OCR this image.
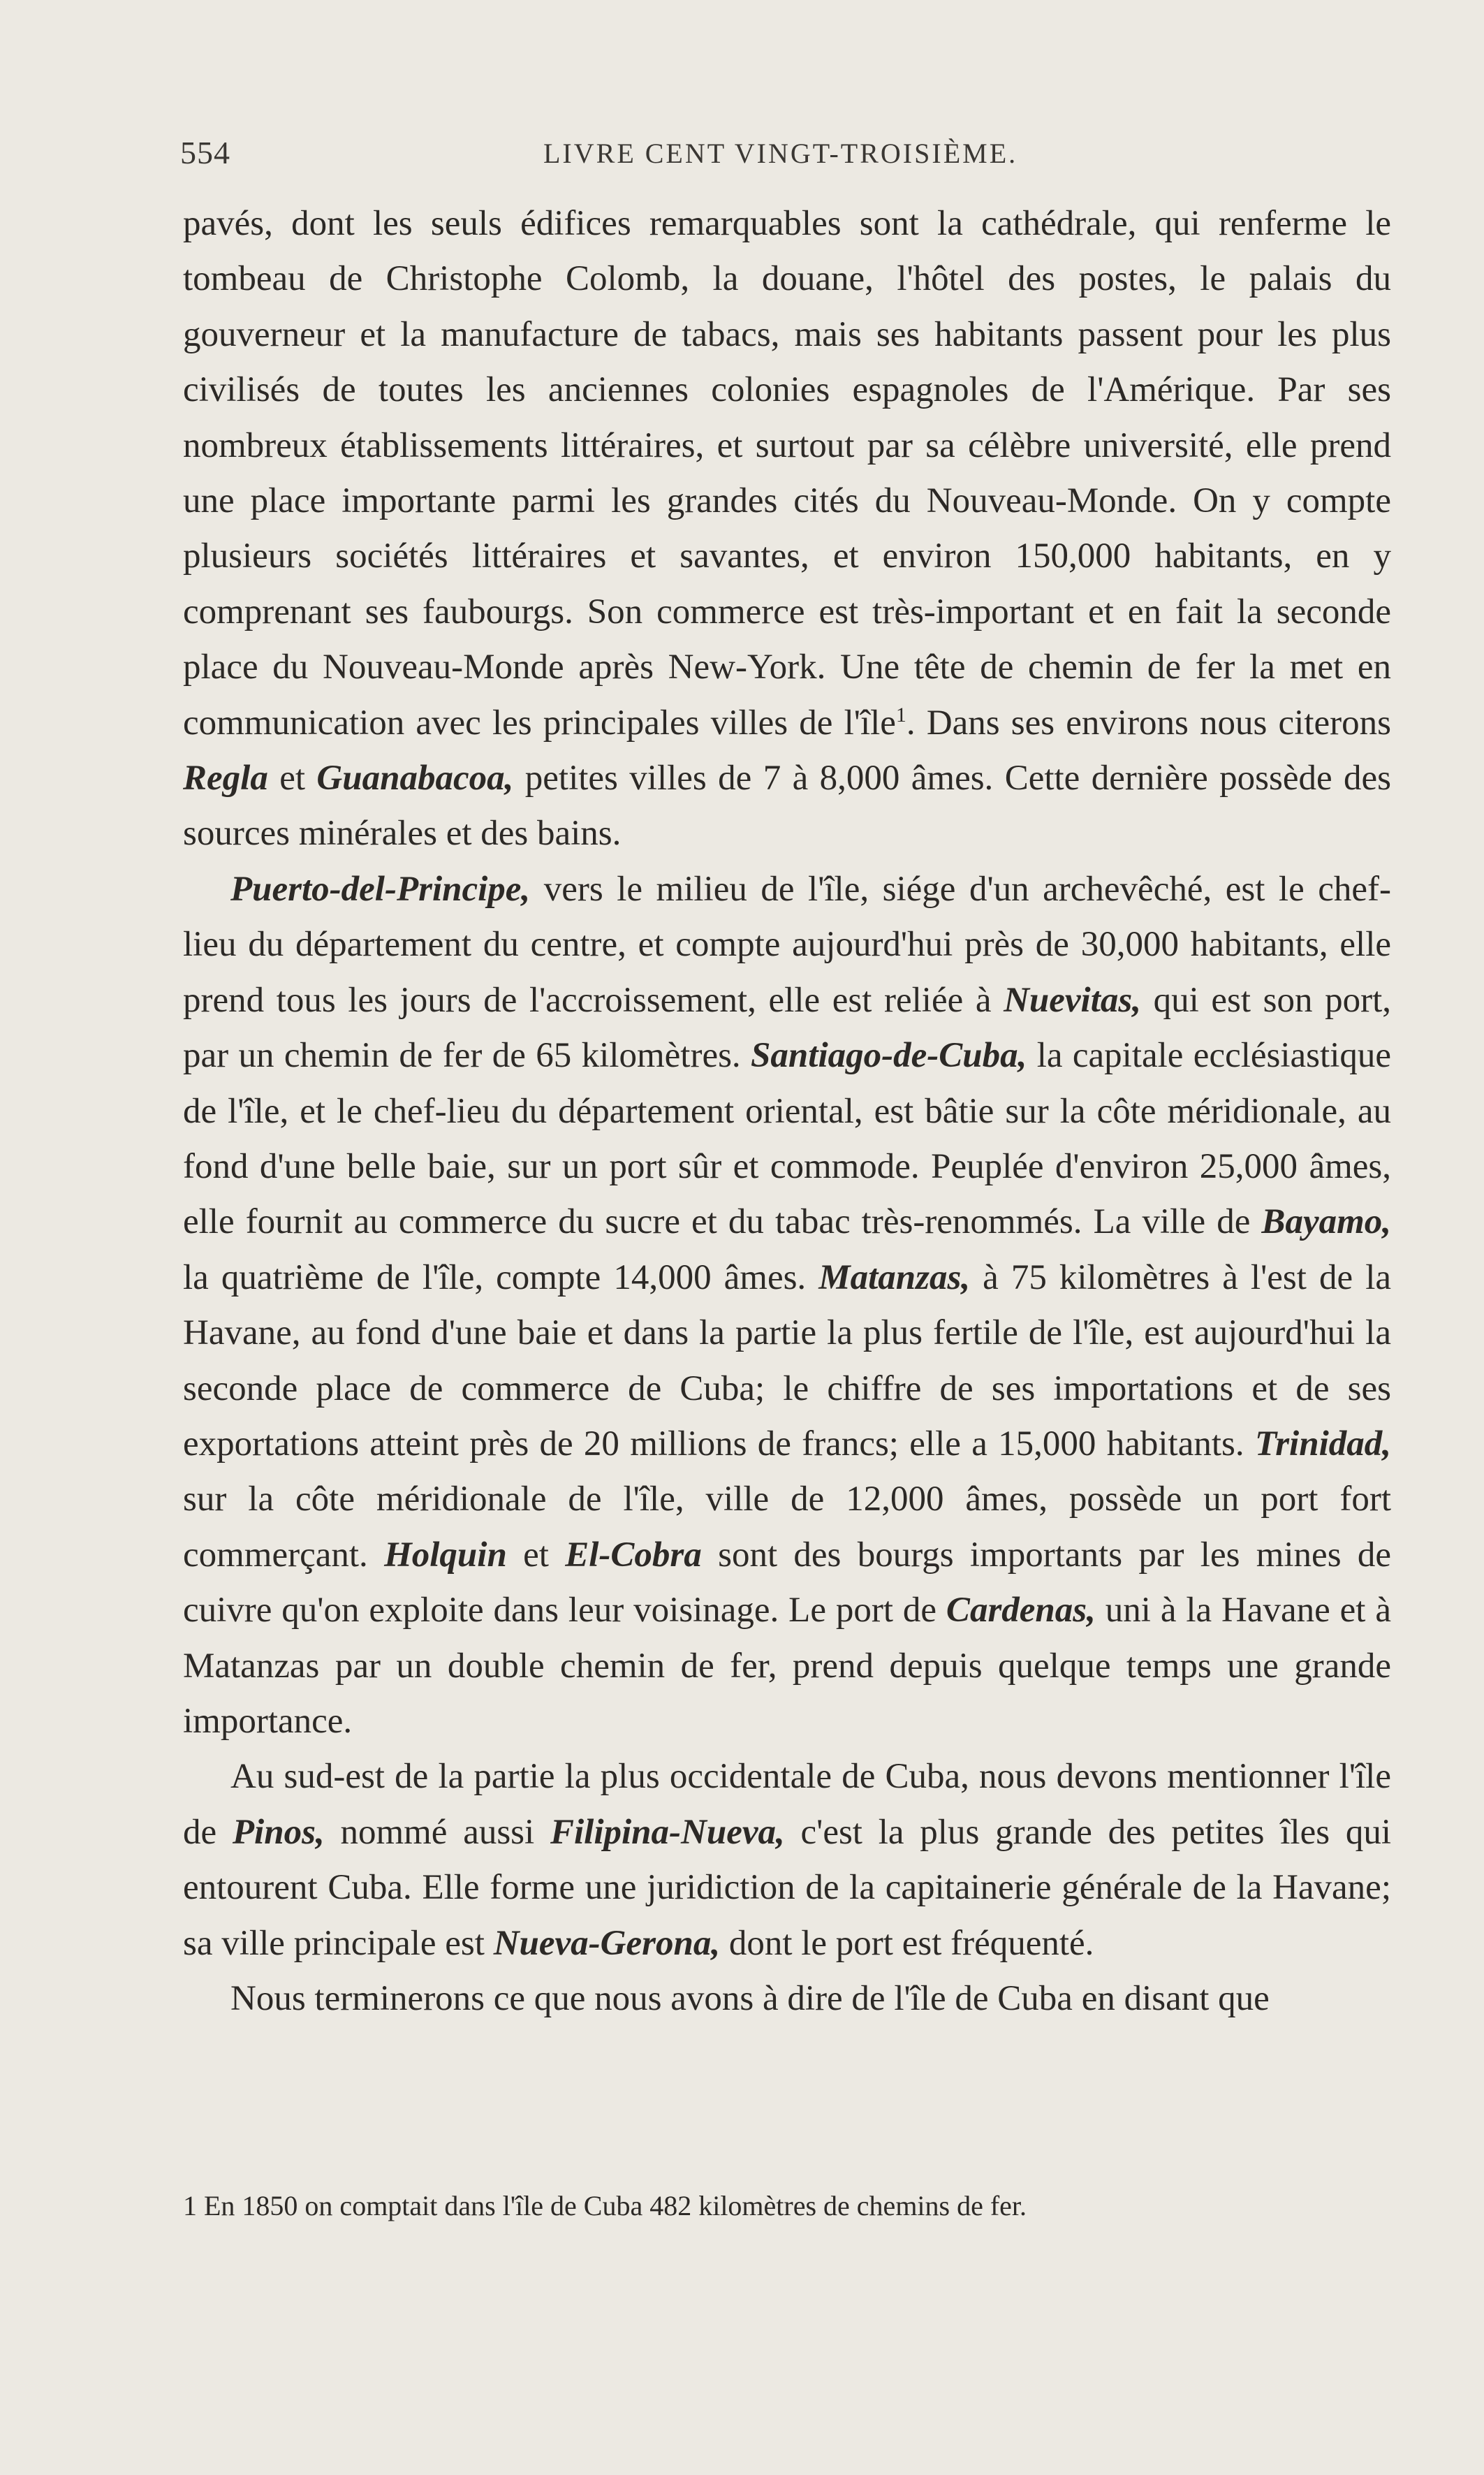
554	LIVRE CENT VINGT-TROISIÈME.

pavés, dont les seuls édifices remarquables sont la cathédrale, qui renferme le tombeau de Christophe Colomb, la douane, l'hôtel des postes, le palais du gouverneur et la manufacture de tabacs, mais ses habitants passent pour les plus civilisés de toutes les anciennes colonies espagnoles de l'Amérique. Par ses nombreux établissements littéraires, et surtout par sa célèbre université, elle prend une place importante parmi les grandes cités du Nouveau-Monde. On y compte plusieurs sociétés littéraires et savantes, et environ 150,000 habitants, en y comprenant ses faubourgs. Son commerce est très-important et en fait la seconde place du Nouveau-Monde après New-York. Une tête de chemin de fer la met en communication avec les principales villes de l'île$^1$. Dans ses environs nous citerons Regla et Guanabacoa, petites villes de 7 à 8,000 âmes. Cette dernière possède des sources minérales et des bains.

Puerto-del-Principe, vers le milieu de l'île, siége d'un archevêché, est le chef-lieu du département du centre, et compte aujourd'hui près de 30,000 habitants, elle prend tous les jours de l'accroissement, elle est reliée à Nuevitas, qui est son port, par un chemin de fer de 65 kilomètres. Santiago-de-Cuba, la capitale ecclésiastique de l'île, et le chef-lieu du département oriental, est bâtie sur la côte méridionale, au fond d'une belle baie, sur un port sûr et commode. Peuplée d'environ 25,000 âmes, elle fournit au commerce du sucre et du tabac très-renommés. La ville de Bayamo, la quatrième de l'île, compte 14,000 âmes. Matanzas, à 75 kilomètres à l'est de la Havane, au fond d'une baie et dans la partie la plus fertile de l'île, est aujourd'hui la seconde place de commerce de Cuba; le chiffre de ses importations et de ses exportations atteint près de 20 millions de francs; elle a 15,000 habitants. Trinidad, sur la côte méridionale de l'île, ville de 12,000 âmes, possède un port fort commerçant. Holquin et El-Cobra sont des bourgs importants par les mines de cuivre qu'on exploite dans leur voisinage. Le port de Cardenas, uni à la Havane et à Matanzas par un double chemin de fer, prend depuis quelque temps une grande importance.

Au sud-est de la partie la plus occidentale de Cuba, nous devons mentionner l'île de Pinos, nommé aussi Filipina-Nueva, c'est la plus grande des petites îles qui entourent Cuba. Elle forme une juridiction de la capitainerie générale de la Havane; sa ville principale est Nueva-Gerona, dont le port est fréquenté.

Nous terminerons ce que nous avons à dire de l'île de Cuba en disant que

1 En 1850 on comptait dans l'île de Cuba 482 kilomètres de chemins de fer.
